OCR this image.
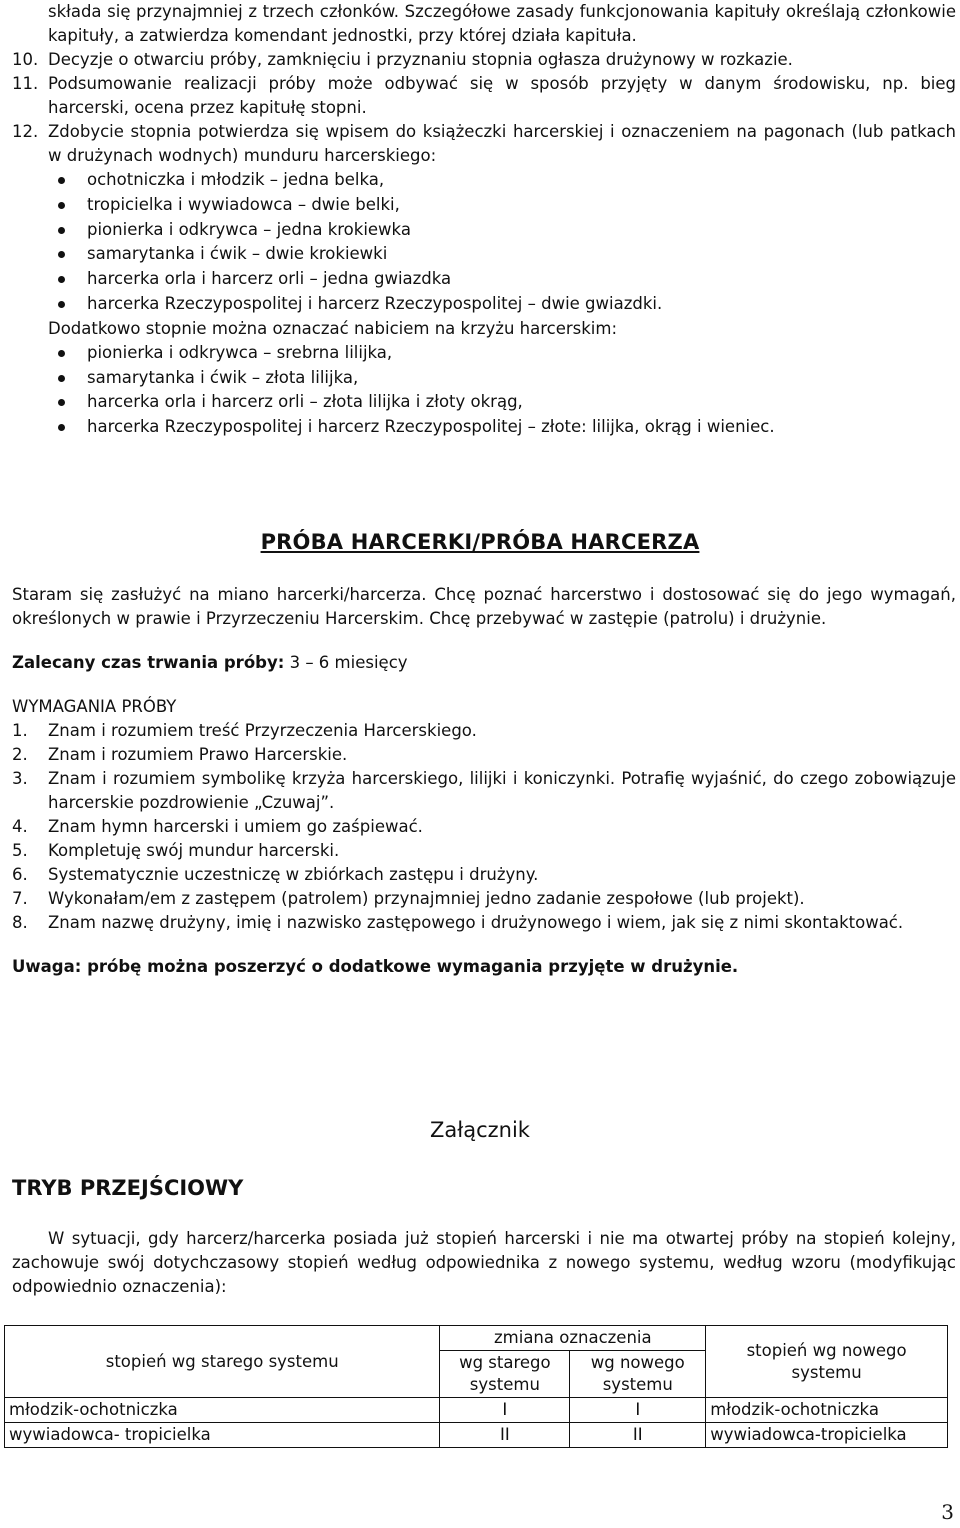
składa się przynajmniej z trzech członków. Szczegółowe zasady funkcjonowania kapituły określają członkowie kapituły, a zatwierdza komendant jednostki, przy której działa kapituła.

10. Decyzje o otwarciu próby, zamknięciu i przyznaniu stopnia ogłasza drużynowy w rozkazie.
11. Podsumowanie realizacji próby może odbywać się w sposób przyjęty w danym środowisku, np. bieg harcerski, ocena przez kapitułę stopni.
12. Zdobycie stopnia potwierdza się wpisem do książeczki harcerskiej i oznaczeniem na pagonach (lub patkach w drużynach wodnych) munduru harcerskiego:
ochotniczka i młodzik – jedna belka,
tropicielka i wywiadowca – dwie belki,
pionierka i odkrywca – jedna krokiewka
samarytanka i ćwik – dwie krokiewki
harcerka orla i harcerz orli – jedna gwiazdka
harcerka Rzeczypospolitej i harcerz Rzeczypospolitej – dwie gwiazdki.

Dodatkowo stopnie można oznaczać nabiciem na krzyżu harcerskim:

pionierka i odkrywca – srebrna lilijka,
samarytanka i ćwik – złota lilijka,
harcerka orla i harcerz orli – złota lilijka i złoty okrąg,
harcerka Rzeczypospolitej i harcerz Rzeczypospolitej – złote: lilijka, okrąg i wieniec.
PRÓBA HARCERKI/PRÓBA HARCERZA

Staram się zasłużyć na miano harcerki/harcerza. Chcę poznać harcerstwo i dostosować się do jego wymagań, określonych w prawie i Przyrzeczeniu Harcerskim. Chcę przebywać w zastępie (patrolu) i drużynie.

Zalecany czas trwania próby: 3 – 6 miesięcy

WYMAGANIA PRÓBY

1.	Znam i rozumiem treść Przyrzeczenia Harcerskiego.
2.	Znam i rozumiem Prawo Harcerskie.
3.	Znam i rozumiem symbolikę krzyża harcerskiego, lilijki i koniczynki. Potrafię wyjaśnić, do czego zobowiązuje harcerskie pozdrowienie „Czuwaj”.
4.	Znam hymn harcerski i umiem go zaśpiewać.
5.	Kompletuję swój mundur harcerski.
6.	Systematycznie uczestniczę w zbiórkach zastępu i drużyny.
7.	Wykonałam/em z zastępem (patrolem) przynajmniej jedno zadanie zespołowe (lub projekt).
8.	Znam nazwę drużyny, imię i nazwisko zastępowego i drużynowego i wiem, jak się z nimi skontaktować.

Uwaga: próbę można poszerzyć o dodatkowe wymagania przyjęte w drużynie.

Załącznik
TRYB PRZEJŚCIOWY

W sytuacji, gdy harcerz/harcerka posiada już stopień harcerski i nie ma otwartej próby na stopień kolejny, zachowuje swój dotychczasowy stopień według odpowiednika z nowego systemu, według wzoru (modyfikując odpowiednio oznaczenia):

stopień wg starego systemu	zmiana oznaczenia		stopień wg nowego systemu
	wg starego systemu	wg nowego systemu	
młodzik-ochotniczka	I	I	młodzik-ochotniczka
wywiadowca- tropicielka	II	II	wywiadowca-tropicielka
3
